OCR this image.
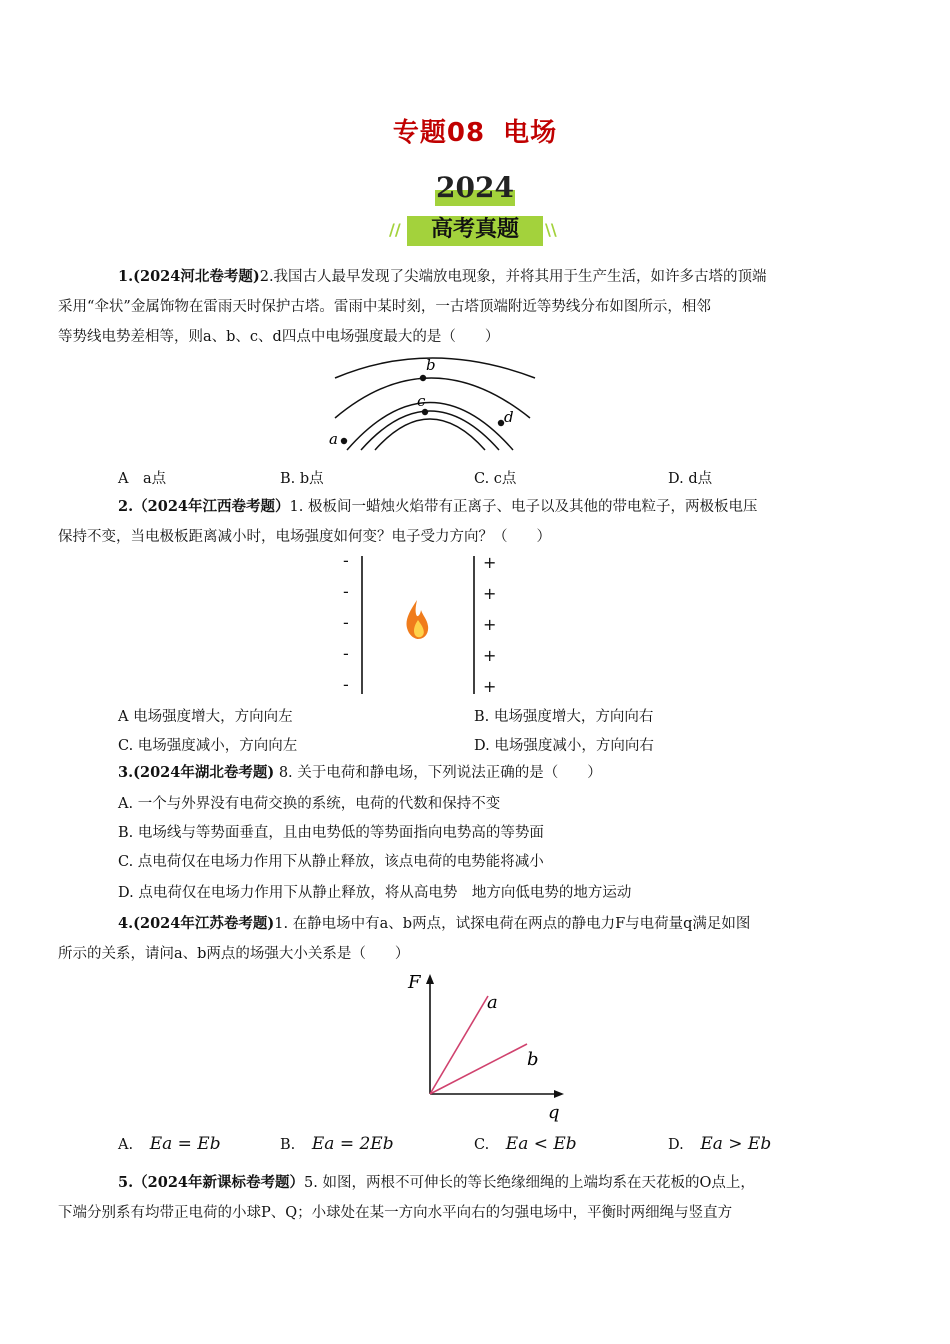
专题08 电场
2024
高考真题
//	\\
1.(2024河北卷考题)2.我国古人最早发现了尖端放电现象，并将其用于生产生活，如许多古塔的顶端
采用“伞状”金属饰物在雷雨天时保护古塔。雷雨中某时刻，一古塔顶端附近等势线分布如图所示，相邻
等势线电势差相等，则a、b、c、d四点中电场强度最大的是（　　）
a
b
c
d
A　a点	B. b点	C. c点	D. d点
2.（2024年江西卷考题）1. 极板间一蜡烛火焰带有正离子、电子以及其他的带电粒子，两极板电压
保持不变，当电极板距离减小时，电场强度如何变？电子受力方向？（　　）
-
-
-
-
-
+
+
+
+
+
A 电场强度增大，方向向左	B. 电场强度增大，方向向右
C. 电场强度减小，方向向左	D. 电场强度减小，方向向右
3.(2024年湖北卷考题) 8. 关于电荷和静电场，下列说法正确的是（　　）
A. 一个与外界没有电荷交换的系统，电荷的代数和保持不变
B. 电场线与等势面垂直，且由电势低的等势面指向电势高的等势面
C. 点电荷仅在电场力作用下从静止释放，该点电荷的电势能将减小
D. 点电荷仅在电场力作用下从静止释放，将从高电势　地方向低电势的地方运动
4.(2024年江苏卷考题)1. 在静电场中有a、b两点，试探电荷在两点的静电力F与电荷量q满足如图
所示的关系，请问a、b两点的场强大小关系是（　　）
F
q
a
b
A. Ea = Eb	B. Ea = 2Eb	C. Ea < Eb	D. Ea > Eb
5.（2024年新课标卷考题）5. 如图，两根不可伸长的等长绝缘细绳的上端均系在天花板的O点上，
下端分别系有均带正电荷的小球P、Q；小球处在某一方向水平向右的匀强电场中，平衡时两细绳与竖直方
